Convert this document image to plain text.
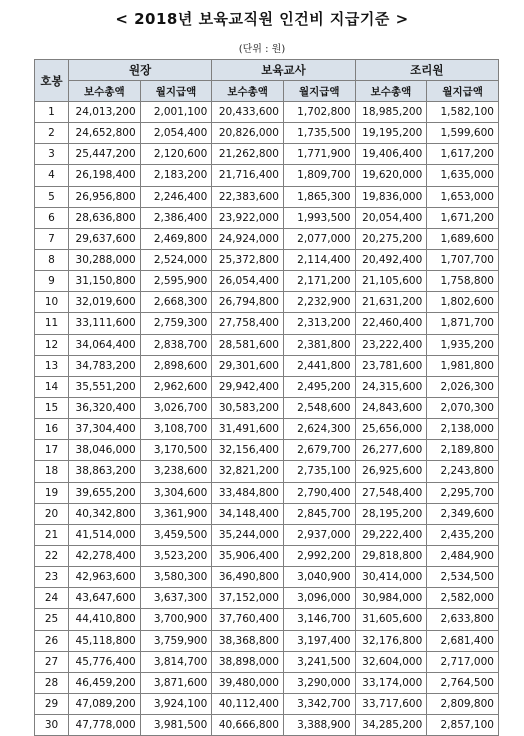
< 2018년 보육교직원 인건비 지급기준 >
(단위 : 원)
호봉	원장		보육교사		조리원	
	보수총액	월지급액	보수총액	월지급액	보수총액	월지급액
1	24,013,200	2,001,100	20,433,600	1,702,800	18,985,200	1,582,100
2	24,652,800	2,054,400	20,826,000	1,735,500	19,195,200	1,599,600
3	25,447,200	2,120,600	21,262,800	1,771,900	19,406,400	1,617,200
4	26,198,400	2,183,200	21,716,400	1,809,700	19,620,000	1,635,000
5	26,956,800	2,246,400	22,383,600	1,865,300	19,836,000	1,653,000
6	28,636,800	2,386,400	23,922,000	1,993,500	20,054,400	1,671,200
7	29,637,600	2,469,800	24,924,000	2,077,000	20,275,200	1,689,600
8	30,288,000	2,524,000	25,372,800	2,114,400	20,492,400	1,707,700
9	31,150,800	2,595,900	26,054,400	2,171,200	21,105,600	1,758,800
10	32,019,600	2,668,300	26,794,800	2,232,900	21,631,200	1,802,600
11	33,111,600	2,759,300	27,758,400	2,313,200	22,460,400	1,871,700
12	34,064,400	2,838,700	28,581,600	2,381,800	23,222,400	1,935,200
13	34,783,200	2,898,600	29,301,600	2,441,800	23,781,600	1,981,800
14	35,551,200	2,962,600	29,942,400	2,495,200	24,315,600	2,026,300
15	36,320,400	3,026,700	30,583,200	2,548,600	24,843,600	2,070,300
16	37,304,400	3,108,700	31,491,600	2,624,300	25,656,000	2,138,000
17	38,046,000	3,170,500	32,156,400	2,679,700	26,277,600	2,189,800
18	38,863,200	3,238,600	32,821,200	2,735,100	26,925,600	2,243,800
19	39,655,200	3,304,600	33,484,800	2,790,400	27,548,400	2,295,700
20	40,342,800	3,361,900	34,148,400	2,845,700	28,195,200	2,349,600
21	41,514,000	3,459,500	35,244,000	2,937,000	29,222,400	2,435,200
22	42,278,400	3,523,200	35,906,400	2,992,200	29,818,800	2,484,900
23	42,963,600	3,580,300	36,490,800	3,040,900	30,414,000	2,534,500
24	43,647,600	3,637,300	37,152,000	3,096,000	30,984,000	2,582,000
25	44,410,800	3,700,900	37,760,400	3,146,700	31,605,600	2,633,800
26	45,118,800	3,759,900	38,368,800	3,197,400	32,176,800	2,681,400
27	45,776,400	3,814,700	38,898,000	3,241,500	32,604,000	2,717,000
28	46,459,200	3,871,600	39,480,000	3,290,000	33,174,000	2,764,500
29	47,089,200	3,924,100	40,112,400	3,342,700	33,717,600	2,809,800
30	47,778,000	3,981,500	40,666,800	3,388,900	34,285,200	2,857,100
